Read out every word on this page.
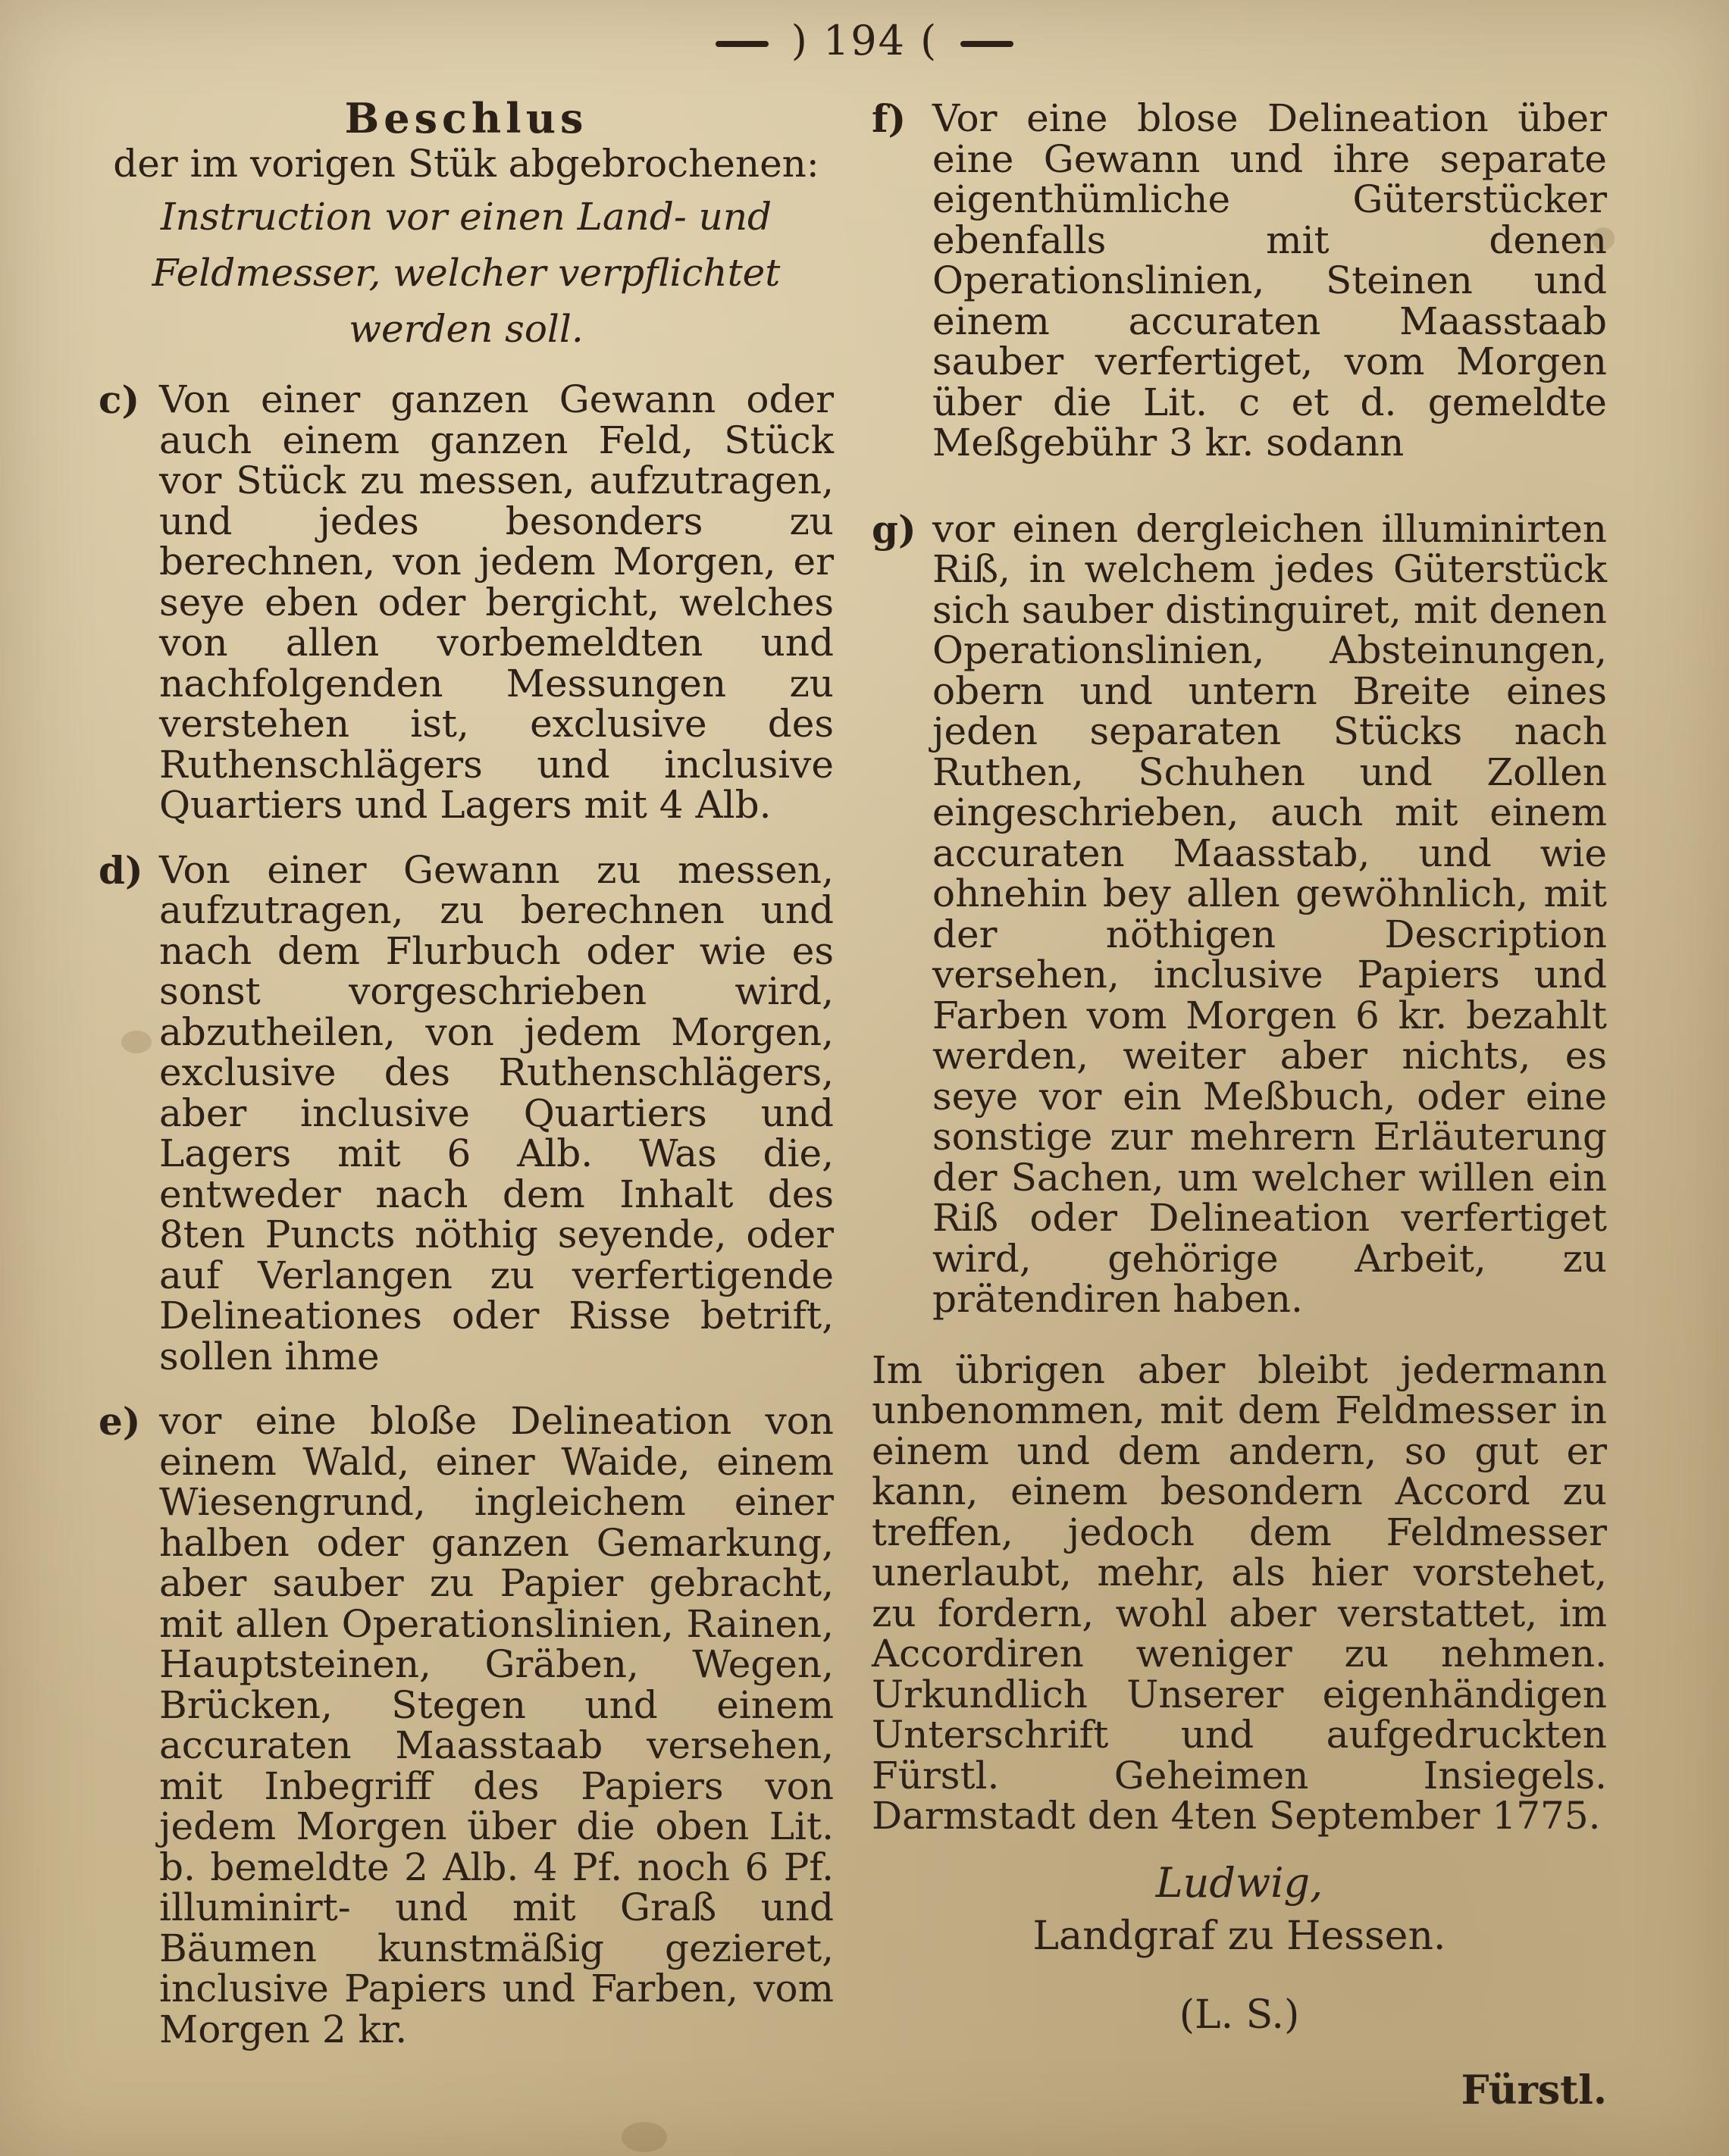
) 194 (
Beschlus
der im vorigen Stük abgebrochenen:
Instruction vor einen Land- und Feldmesser, welcher verpflichtet werden soll.
c) Von einer ganzen Gewann oder auch einem ganzen Feld, Stück vor Stück zu messen, aufzutragen, und jedes besonders zu berechnen, von jedem Morgen, er seye eben oder bergicht, welches von allen vorbemeldten und nachfolgenden Messungen zu verstehen ist, exclusive des Ruthenschlägers und inclusive Quartiers und Lagers mit 4 Alb.
d) Von einer Gewann zu messen, aufzutragen, zu berechnen und nach dem Flurbuch oder wie es sonst vorgeschrieben wird, abzutheilen, von jedem Morgen, exclusive des Ruthenschlägers, aber inclusive Quartiers und Lagers mit 6 Alb. Was die, entweder nach dem Inhalt des 8ten Puncts nöthig seyende, oder auf Verlangen zu verfertigende Delineationes oder Risse betrift, sollen ihme
e) vor eine bloße Delineation von einem Wald, einer Waide, einem Wiesengrund, ingleichem einer halben oder ganzen Gemarkung, aber sauber zu Papier gebracht, mit allen Operationslinien, Rainen, Hauptsteinen, Gräben, Wegen, Brücken, Stegen und einem accuraten Maasstaab versehen, mit Inbegriff des Papiers von jedem Morgen über die oben Lit. b. bemeldte 2 Alb. 4 Pf. noch 6 Pf. illuminirt- und mit Graß und Bäumen kunstmäßig gezieret, inclusive Papiers und Farben, vom Morgen 2 kr.
f) Vor eine blose Delineation über eine Gewann und ihre separate eigenthümliche Güterstücker ebenfalls mit denen Operationslinien, Steinen und einem accuraten Maasstaab sauber verfertiget, vom Morgen über die Lit. c et d. gemeldte Meßgebühr 3 kr. sodann
g) vor einen dergleichen illuminirten Riß, in welchem jedes Güterstück sich sauber distinguiret, mit denen Operationslinien, Absteinungen, obern und untern Breite eines jeden separaten Stücks nach Ruthen, Schuhen und Zollen eingeschrieben, auch mit einem accuraten Maasstab, und wie ohnehin bey allen gewöhnlich, mit der nöthigen Description versehen, inclusive Papiers und Farben vom Morgen 6 kr. bezahlt werden, weiter aber nichts, es seye vor ein Meßbuch, oder eine sonstige zur mehrern Erläuterung der Sachen, um welcher willen ein Riß oder Delineation verfertiget wird, gehörige Arbeit, zu prätendiren haben.
Im übrigen aber bleibt jedermann unbenommen, mit dem Feldmesser in einem und dem andern, so gut er kann, einem besondern Accord zu treffen, jedoch dem Feldmesser unerlaubt, mehr, als hier vorstehet, zu fordern, wohl aber verstattet, im Accordiren weniger zu nehmen. Urkundlich Unserer eigenhändigen Unterschrift und aufgedruckten Fürstl. Geheimen Insiegels. Darmstadt den 4ten September 1775.
Ludwig,
Landgraf zu Hessen.
(L. S.)
Fürstl.
